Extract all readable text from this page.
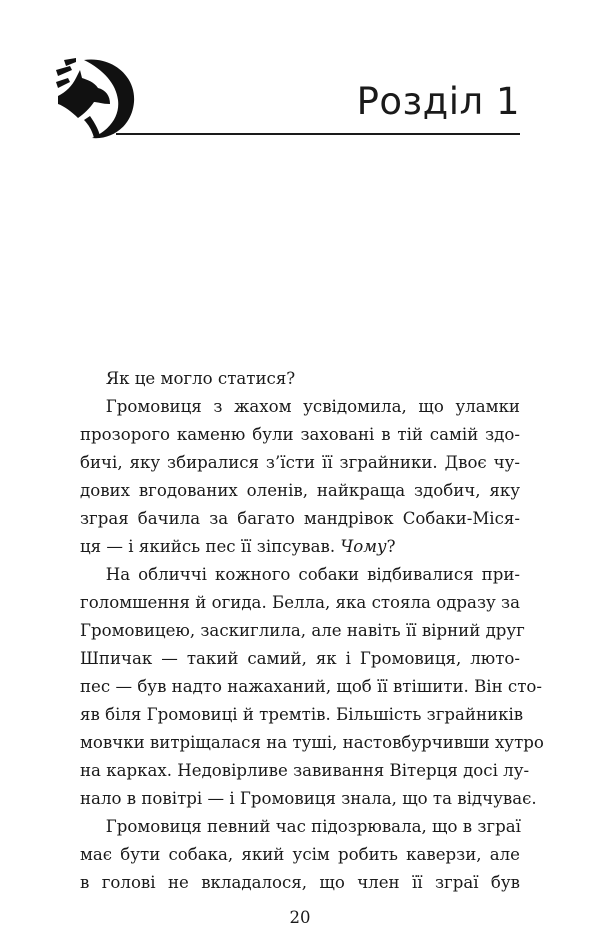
Розділ 1
Як це могло статися?
Громовиця з жахом усвідомила, що уламки
прозорого каменю були заховані в тій самій здо-
бичі, яку збиралися з’їсти її зграйники. Двоє чу-
дових вгодованих оленів, найкраща здобич, яку
зграя бачила за багато мандрівок Собаки-Міся-
ця — і якийсь пес її зіпсував. Чому?
На обличчі кожного собаки відбивалися при-
голомшення й огида. Белла, яка стояла одразу за
Громовицею, заскиглила, але навіть її вірний друг
Шпичак — такий самий, як і Громовиця, люто-
пес — був надто нажаханий, щоб її втішити. Він сто-
яв біля Громовиці й тремтів. Більшість зграйників
мовчки витріщалася на туші, настовбурчивши хутро
на карках. Недовірливе завивання Вітерця досі лу-
нало в повітрі — і Громовиця знала, що та відчуває.
Громовиця певний час підозрювала, що в зграї
має бути собака, який усім робить каверзи, але
в голові не вкладалося, що член її зграї був
20
